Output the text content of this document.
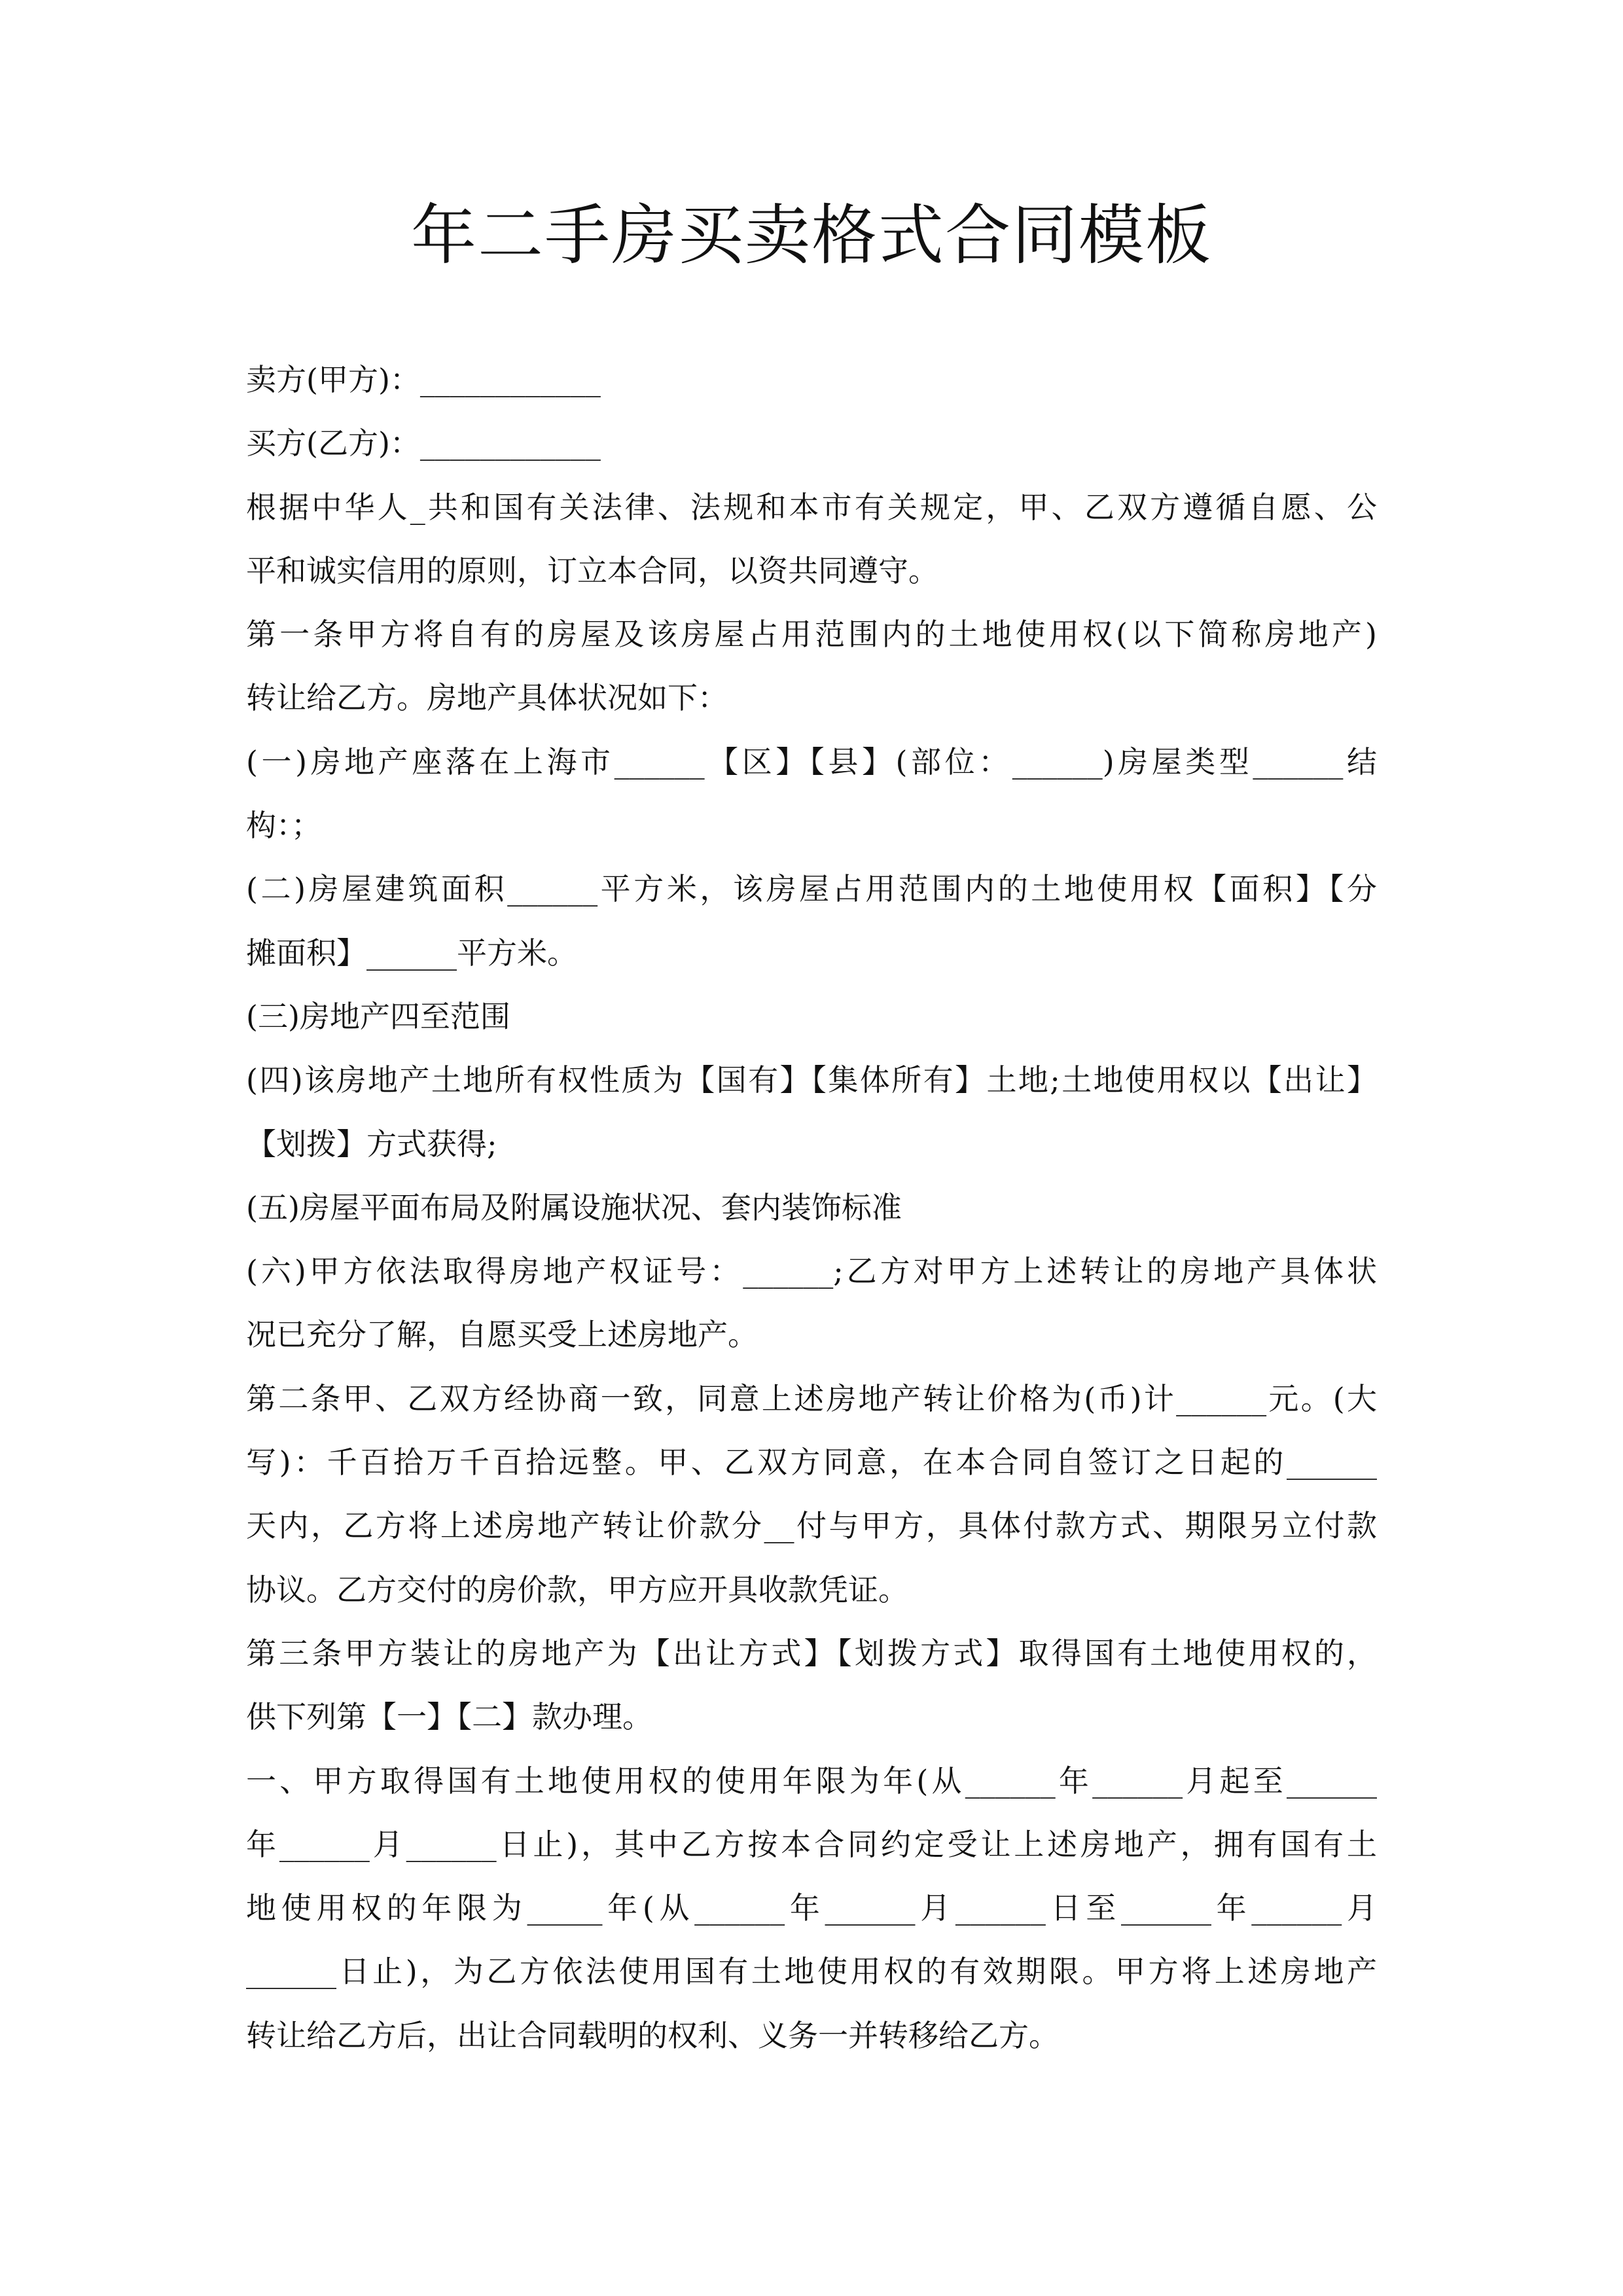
年二手房买卖格式合同模板
卖方(甲方)：____________
买方(乙方)：____________
根据中华人_共和国有关法律、法规和本市有关规定，甲、乙双方遵循自愿、公
平和诚实信用的原则，订立本合同，以资共同遵守。
第一条甲方将自有的房屋及该房屋占用范围内的土地使用权(以下简称房地产)
转让给乙方。房地产具体状况如下：
(一)房地产座落在上海市______【区】【县】(部位：______)房屋类型______结
构：；
(二)房屋建筑面积______平方米，该房屋占用范围内的土地使用权【面积】【分
摊面积】______平方米。
(三)房地产四至范围
(四)该房地产土地所有权性质为【国有】【集体所有】土地;土地使用权以【出让】
【划拨】方式获得;
(五)房屋平面布局及附属设施状况、套内装饰标准
(六)甲方依法取得房地产权证号：______;乙方对甲方上述转让的房地产具体状
况已充分了解，自愿买受上述房地产。
第二条甲、乙双方经协商一致，同意上述房地产转让价格为(币)计______元。(大
写)：千百拾万千百拾远整。甲、乙双方同意，在本合同自签订之日起的______
天内，乙方将上述房地产转让价款分__付与甲方，具体付款方式、期限另立付款
协议。乙方交付的房价款，甲方应开具收款凭证。
第三条甲方装让的房地产为【出让方式】【划拨方式】取得国有土地使用权的，
供下列第【一】【二】款办理。
一、甲方取得国有土地使用权的使用年限为年(从______年______月起至______
年______月______日止)，其中乙方按本合同约定受让上述房地产，拥有国有土
地使用权的年限为_____年(从______年______月______日至______年______月
______日止)，为乙方依法使用国有土地使用权的有效期限。甲方将上述房地产
转让给乙方后，出让合同载明的权利、义务一并转移给乙方。
